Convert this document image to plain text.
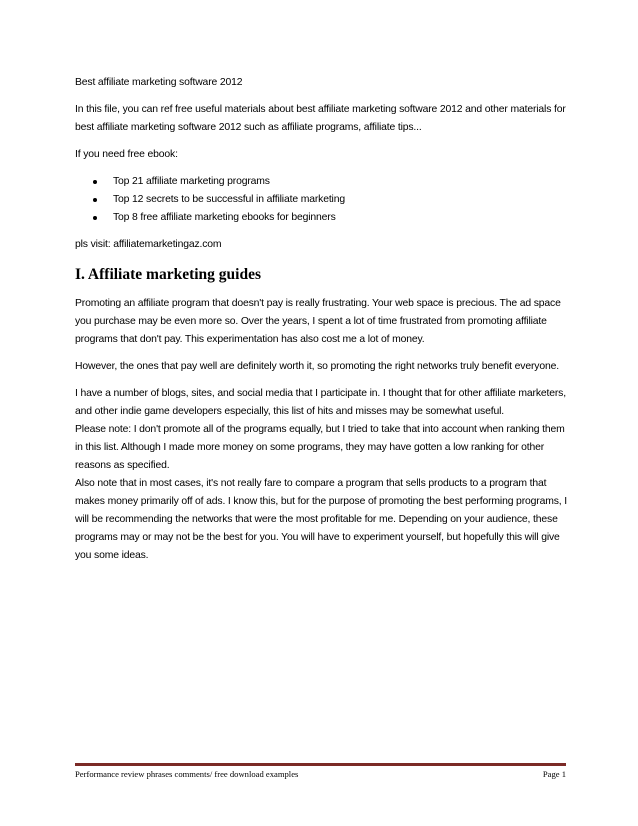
Best affiliate marketing software 2012

In this file, you can ref free useful materials about best affiliate marketing software 2012 and other materials for best affiliate marketing software 2012 such as affiliate programs, affiliate tips...

If you need free ebook:

Top 21 affiliate marketing programs
Top 12 secrets to be successful in affiliate marketing
Top 8 free affiliate marketing ebooks for beginners

pls visit: affiliatemarketingaz.com

I. Affiliate marketing guides

Promoting an affiliate program that doesn't pay is really frustrating. Your web space is precious. The ad space you purchase may be even more so. Over the years, I spent a lot of time frustrated from promoting affiliate programs that don't pay. This experimentation has also cost me a lot of money.

However, the ones that pay well are definitely worth it, so promoting the right networks truly benefit everyone.

I have a number of blogs, sites, and social media that I participate in. I thought that for other affiliate marketers, and other indie game developers especially, this list of hits and misses may be somewhat useful.

Please note: I don't promote all of the programs equally, but I tried to take that into account when ranking them in this list. Although I made more money on some programs, they may have gotten a low ranking for other reasons as specified.

Also note that in most cases, it's not really fare to compare a program that sells products to a program that makes money primarily off of ads. I know this, but for the purpose of promoting the best performing programs, I will be recommending the networks that were the most profitable for me. Depending on your audience, these programs may or may not be the best for you. You will have to experiment yourself, but hopefully this will give you some ideas.

Performance review phrases comments/ free download examples	Page 1
